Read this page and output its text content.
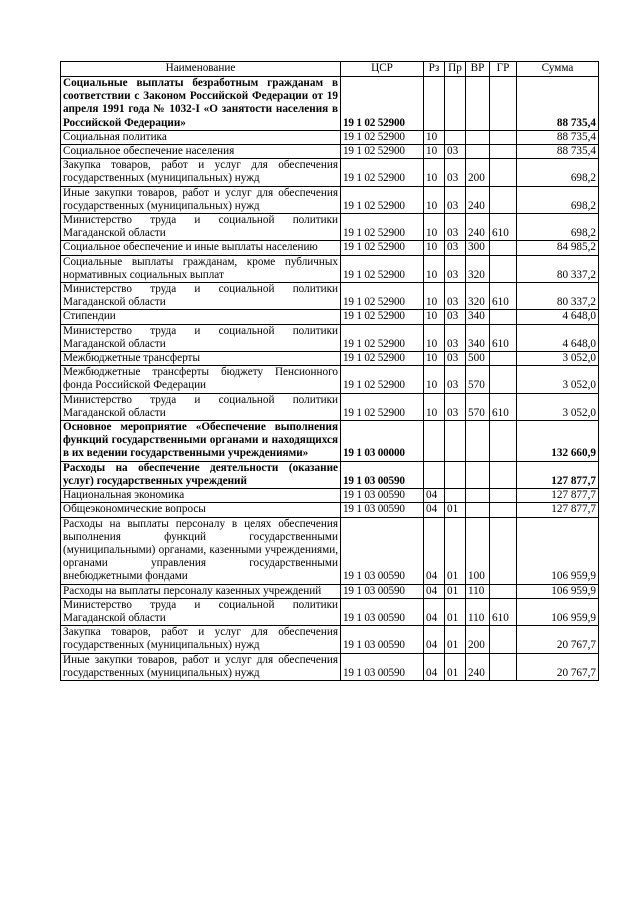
Наименование	ЦСР	Рз	Пр	ВР	ГР	Сумма
Социальные выплаты безработным гражданам в соответствии с Законом Российской Федерации от 19 апреля 1991 года № 1032-I «О занятости населения в Российской Федерации»	19 1 02 52900					88 735,4
Социальная политика	19 1 02 52900	10				88 735,4
Социальное обеспечение населения	19 1 02 52900	10	03			88 735,4
Закупка товаров, работ и услуг для обеспечения государственных (муниципальных) нужд	19 1 02 52900	10	03	200		698,2
Иные закупки товаров, работ и услуг для обеспечения государственных (муниципальных) нужд	19 1 02 52900	10	03	240		698,2
Министерство труда и социальной политики Магаданской области	19 1 02 52900	10	03	240	610	698,2
Социальное обеспечение и иные выплаты населению	19 1 02 52900	10	03	300		84 985,2
Социальные выплаты гражданам, кроме публичных нормативных социальных выплат	19 1 02 52900	10	03	320		80 337,2
Министерство труда и социальной политики Магаданской области	19 1 02 52900	10	03	320	610	80 337,2
Стипендии	19 1 02 52900	10	03	340		4 648,0
Министерство труда и социальной политики Магаданской области	19 1 02 52900	10	03	340	610	4 648,0
Межбюджетные трансферты	19 1 02 52900	10	03	500		3 052,0
Межбюджетные трансферты бюджету Пенсионного фонда Российской Федерации	19 1 02 52900	10	03	570		3 052,0
Министерство труда и социальной политики Магаданской области	19 1 02 52900	10	03	570	610	3 052,0
Основное мероприятие «Обеспечение выполнения функций государственными органами и находящихся в их ведении государственными учреждениями»	19 1 03 00000					132 660,9
Расходы на обеспечение деятельности (оказание услуг) государственных учреждений	19 1 03 00590					127 877,7
Национальная экономика	19 1 03 00590	04				127 877,7
Общеэкономические вопросы	19 1 03 00590	04	01			127 877,7
Расходы на выплаты персоналу в целях обеспечения выполнения функций государственными (муниципальными) органами, казенными учреждениями, органами управления государственными внебюджетными фондами	19 1 03 00590	04	01	100		106 959,9
Расходы на выплаты персоналу казенных учреждений	19 1 03 00590	04	01	110		106 959,9
Министерство труда и социальной политики Магаданской области	19 1 03 00590	04	01	110	610	106 959,9
Закупка товаров, работ и услуг для обеспечения государственных (муниципальных) нужд	19 1 03 00590	04	01	200		20 767,7
Иные закупки товаров, работ и услуг для обеспечения государственных (муниципальных) нужд	19 1 03 00590	04	01	240		20 767,7
